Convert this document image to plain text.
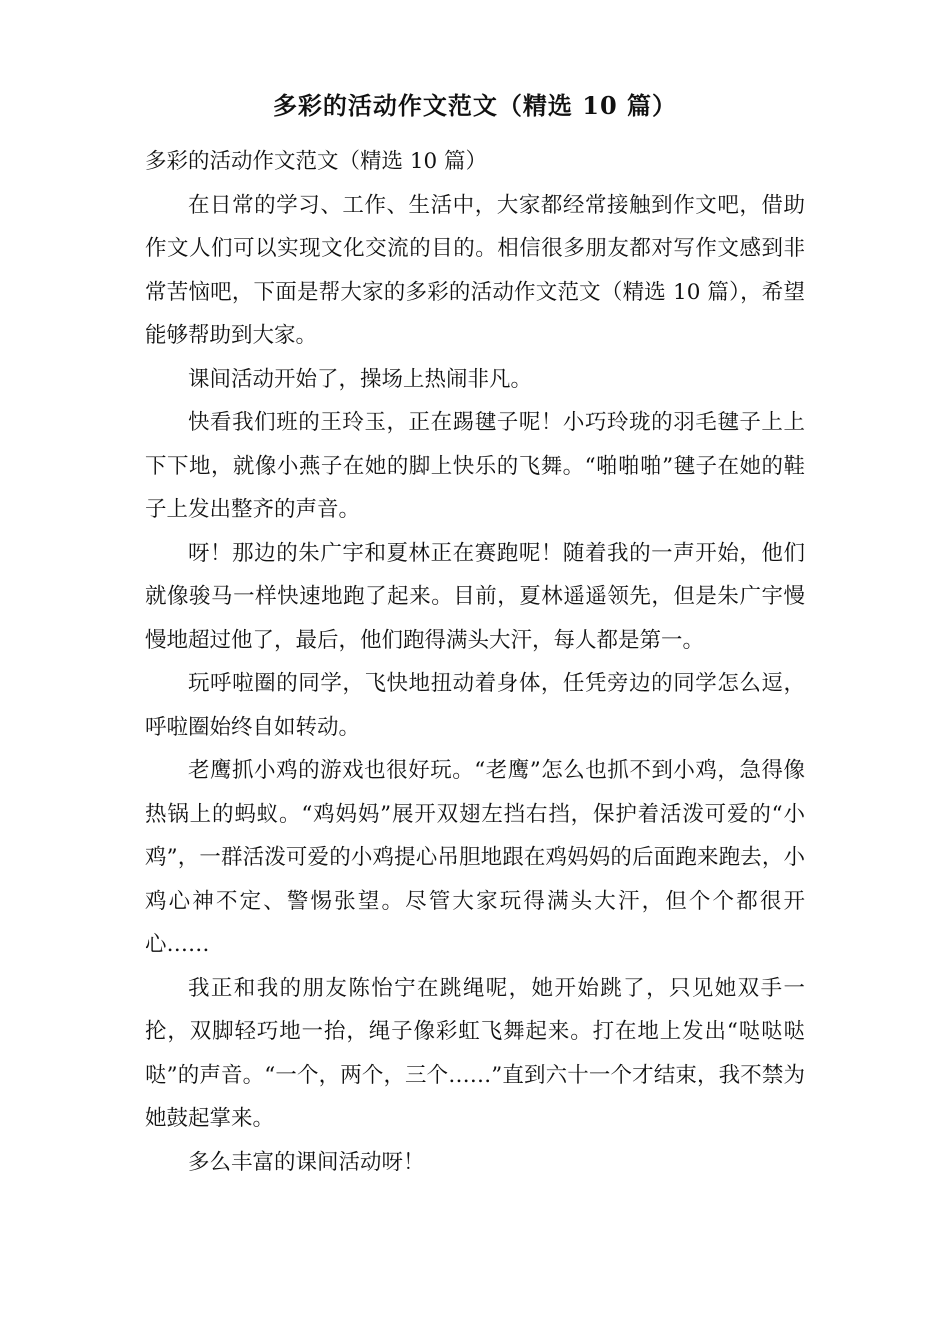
多彩的活动作文范文（精选 10 篇）

多彩的活动作文范文（精选 10 篇）

在日常的学习、工作、生活中，大家都经常接触到作文吧，借助作文人们可以实现文化交流的目的。相信很多朋友都对写作文感到非常苦恼吧，下面是帮大家的多彩的活动作文范文（精选 10 篇），希望能够帮助到大家。

课间活动开始了，操场上热闹非凡。

快看我们班的王玲玉，正在踢毽子呢！小巧玲珑的羽毛毽子上上下下地，就像小燕子在她的脚上快乐的飞舞。“啪啪啪”毽子在她的鞋子上发出整齐的声音。

呀！那边的朱广宇和夏林正在赛跑呢！随着我的一声开始，他们就像骏马一样快速地跑了起来。目前，夏林遥遥领先，但是朱广宇慢慢地超过他了，最后，他们跑得满头大汗，每人都是第一。

玩呼啦圈的同学，飞快地扭动着身体，任凭旁边的同学怎么逗，呼啦圈始终自如转动。

老鹰抓小鸡的游戏也很好玩。“老鹰”怎么也抓不到小鸡，急得像热锅上的蚂蚁。“鸡妈妈”展开双翅左挡右挡，保护着活泼可爱的“小鸡”，一群活泼可爱的小鸡提心吊胆地跟在鸡妈妈的后面跑来跑去，小鸡心神不定、警惕张望。尽管大家玩得满头大汗，但个个都很开心……

我正和我的朋友陈怡宁在跳绳呢，她开始跳了，只见她双手一抡，双脚轻巧地一抬，绳子像彩虹飞舞起来。打在地上发出“哒哒哒哒”的声音。“一个，两个，三个……”直到六十一个才结束，我不禁为她鼓起掌来。

多么丰富的课间活动呀！
